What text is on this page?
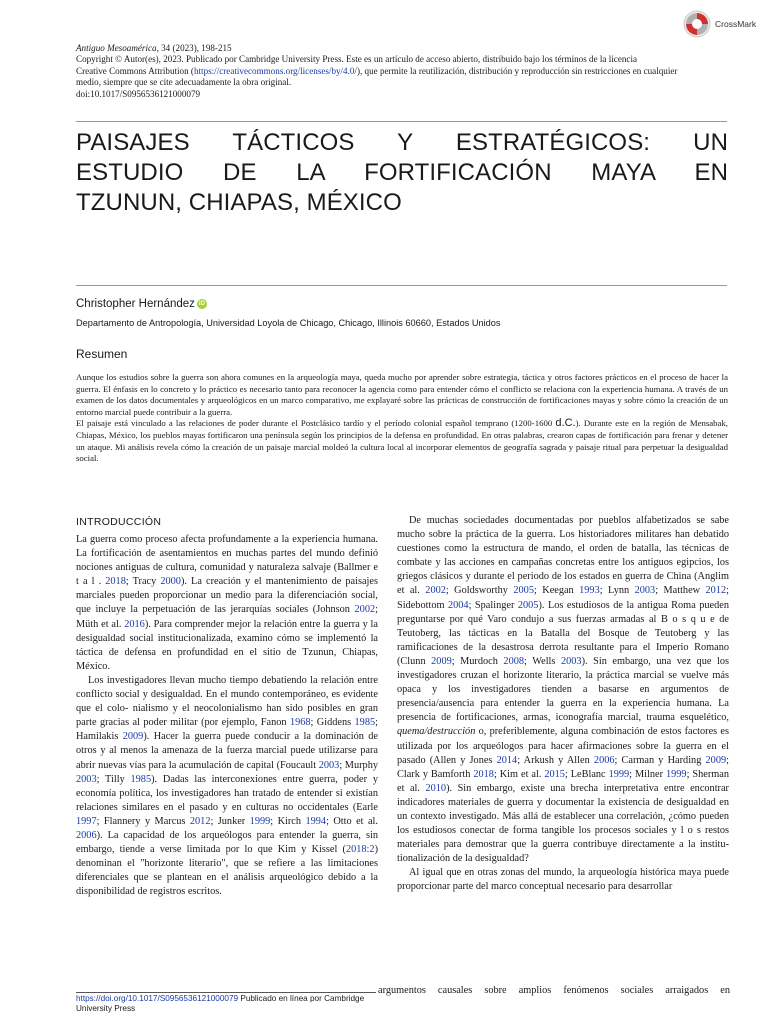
CrossMark
Antiguo Mesoamérica, 34 (2023), 198-215
Copyright © Autor(es), 2023. Publicado por Cambridge University Press. Este es un artículo de acceso abierto, distribuido bajo los términos de la licencia
Creative Commons Attribution (https://creativecommons.org/licenses/by/4.0/), que permite la reutilización, distribución y reproducción sin restricciones en cualquier
medio, siempre que se cite adecuadamente la obra original.
doi:10.1017/S0956536121000079
PAISAJES TÁCTICOS Y ESTRATÉGICOS: UN
ESTUDIO DE LA FORTIFICACIÓN MAYA EN
TZUNUN, CHIAPAS, MÉXICO
Christopher Hernández iD
Departamento de Antropología, Universidad Loyola de Chicago, Chicago, Illinois 60660, Estados Unidos
Resumen

Aunque los estudios sobre la guerra son ahora comunes en la arqueología maya, queda mucho por aprender sobre estrategia, táctica y otros factores prácticos en el proceso de hacer la guerra. El énfasis en lo concreto y lo práctico es necesario tanto para reconocer la agencia como para entender cómo el conflicto se relaciona con la experiencia humana. A través de un examen de los datos documentales y arqueológicos en un marco comparativo, me explayaré sobre las prácticas de construcción de fortificaciones mayas y sobre cómo la creación de un entorno marcial puede contribuir a la guerra.

El paisaje está vinculado a las relaciones de poder durante el Postclásico tardío y el período colonial español temprano (1200-1600 d.C.). Durante este en la región de Mensabak, Chiapas, México, los pueblos mayas fortificaron una península según los principios de la defensa en profundidad. En otras palabras, crearon capas de fortificación para frenar y detener un ataque. Mi análisis revela cómo la creación de un paisaje marcial moldeó la cultura local al incorporar elementos de geografía sagrada y paisaje ritual para perpetuar la desigualdad social.

INTRODUCCIÓN

La guerra como proceso afecta profundamente a la experiencia humana. La fortificación de asentamientos en muchas partes del mundo definió nociones antiguas de cultura, comunidad y naturaleza salvaje (Ballmer e t a l . 2018; Tracy 2000). La creación y el mantenimiento de paisajes marciales pueden proporcionar un medio para la diferenciación social, que incluye la perpetuación de las jerarquías sociales (Johnson 2002; Müth et al. 2016). Para comprender mejor la relación entre la guerra y la desigualdad social institucionalizada, examino cómo se implementó la táctica de defensa en profundidad en el sitio de Tzunun, Chiapas, México.

Los investigadores llevan mucho tiempo debatiendo la relación entre conflicto social y desigualdad. En el mundo contemporáneo, es evidente que el colo- nialismo y el neocolonialismo han sido posibles en gran parte gracias al poder militar (por ejemplo, Fanon 1968; Giddens 1985; Hamilakis 2009). Hacer la guerra puede conducir a la dominación de otros y al menos la amenaza de la fuerza marcial puede utilizarse para abrir nuevas vías para la acumulación de capital (Foucault 2003; Murphy 2003; Tilly 1985). Dadas las interconexiones entre guerra, poder y economía política, los investigadores han tratado de entender si existían relaciones similares en el pasado y en culturas no occidentales (Earle 1997; Flannery y Marcus 2012; Junker 1999; Kirch 1994; Otto et al. 2006). La capacidad de los arqueólogos para entender la guerra, sin embargo, tiende a verse limitada por lo que Kim y Kissel (2018:2) denominan el "horizonte literario", que se refiere a las limitaciones diferenciales que se plantean en el análisis arqueológico debido a la disponibilidad de registros escritos.

De muchas sociedades documentadas por pueblos alfabetizados se sabe mucho sobre la práctica de la guerra. Los historiadores militares han debatido cuestiones como la estructura de mando, el orden de batalla, las técnicas de combate y las acciones en campañas concretas entre los antiguos egipcios, los griegos clásicos y durante el periodo de los estados en guerra de China (Anglim et al. 2002; Goldsworthy 2005; Keegan 1993; Lynn 2003; Matthew 2012; Sidebottom 2004; Spalinger 2005). Los estudiosos de la antigua Roma pueden preguntarse por qué Varo condujo a sus fuerzas armadas al B o s q u e de Teutoberg, las tácticas en la Batalla del Bosque de Teutoberg y las ramificaciones de la desastrosa derrota resultante para el Imperio Romano (Clunn 2009; Murdoch 2008; Wells 2003). Sin embargo, una vez que los investigadores cruzan el horizonte literario, la práctica marcial se vuelve más opaca y los investigadores tienden a basarse en argumentos de presencia/ausencia para entender la guerra en la experiencia humana. La presencia de fortificaciones, armas, iconografía marcial, trauma esquelético, quema/destrucción o, preferiblemente, alguna combinación de estos factores es utilizada por los arqueólogos para hacer afirmaciones sobre la guerra en el pasado (Allen y Jones 2014; Arkush y Allen 2006; Carman y Harding 2009; Clark y Bamforth 2018; Kim et al. 2015; LeBlanc 1999; Milner 1999; Sherman et al. 2010). Sin embargo, existe una brecha interpretativa entre encontrar indicadores materiales de guerra y documentar la existencia de desigualdad en un contexto investigado. Más allá de establecer una correlación, ¿cómo pueden los estudiosos conectar de forma tangible los procesos sociales y l o s restos materiales para demostrar que la guerra contribuye directamente a la institu- tionalización de la desigualdad?

Al igual que en otras zonas del mundo, la arqueología histórica maya puede proporcionar parte del marco conceptual necesario para desarrollar

https://doi.org/10.1017/S0956536121000079 Publicado en línea por Cambridge University Press
argumentos causales sobre amplios fenómenos sociales arraigados en
